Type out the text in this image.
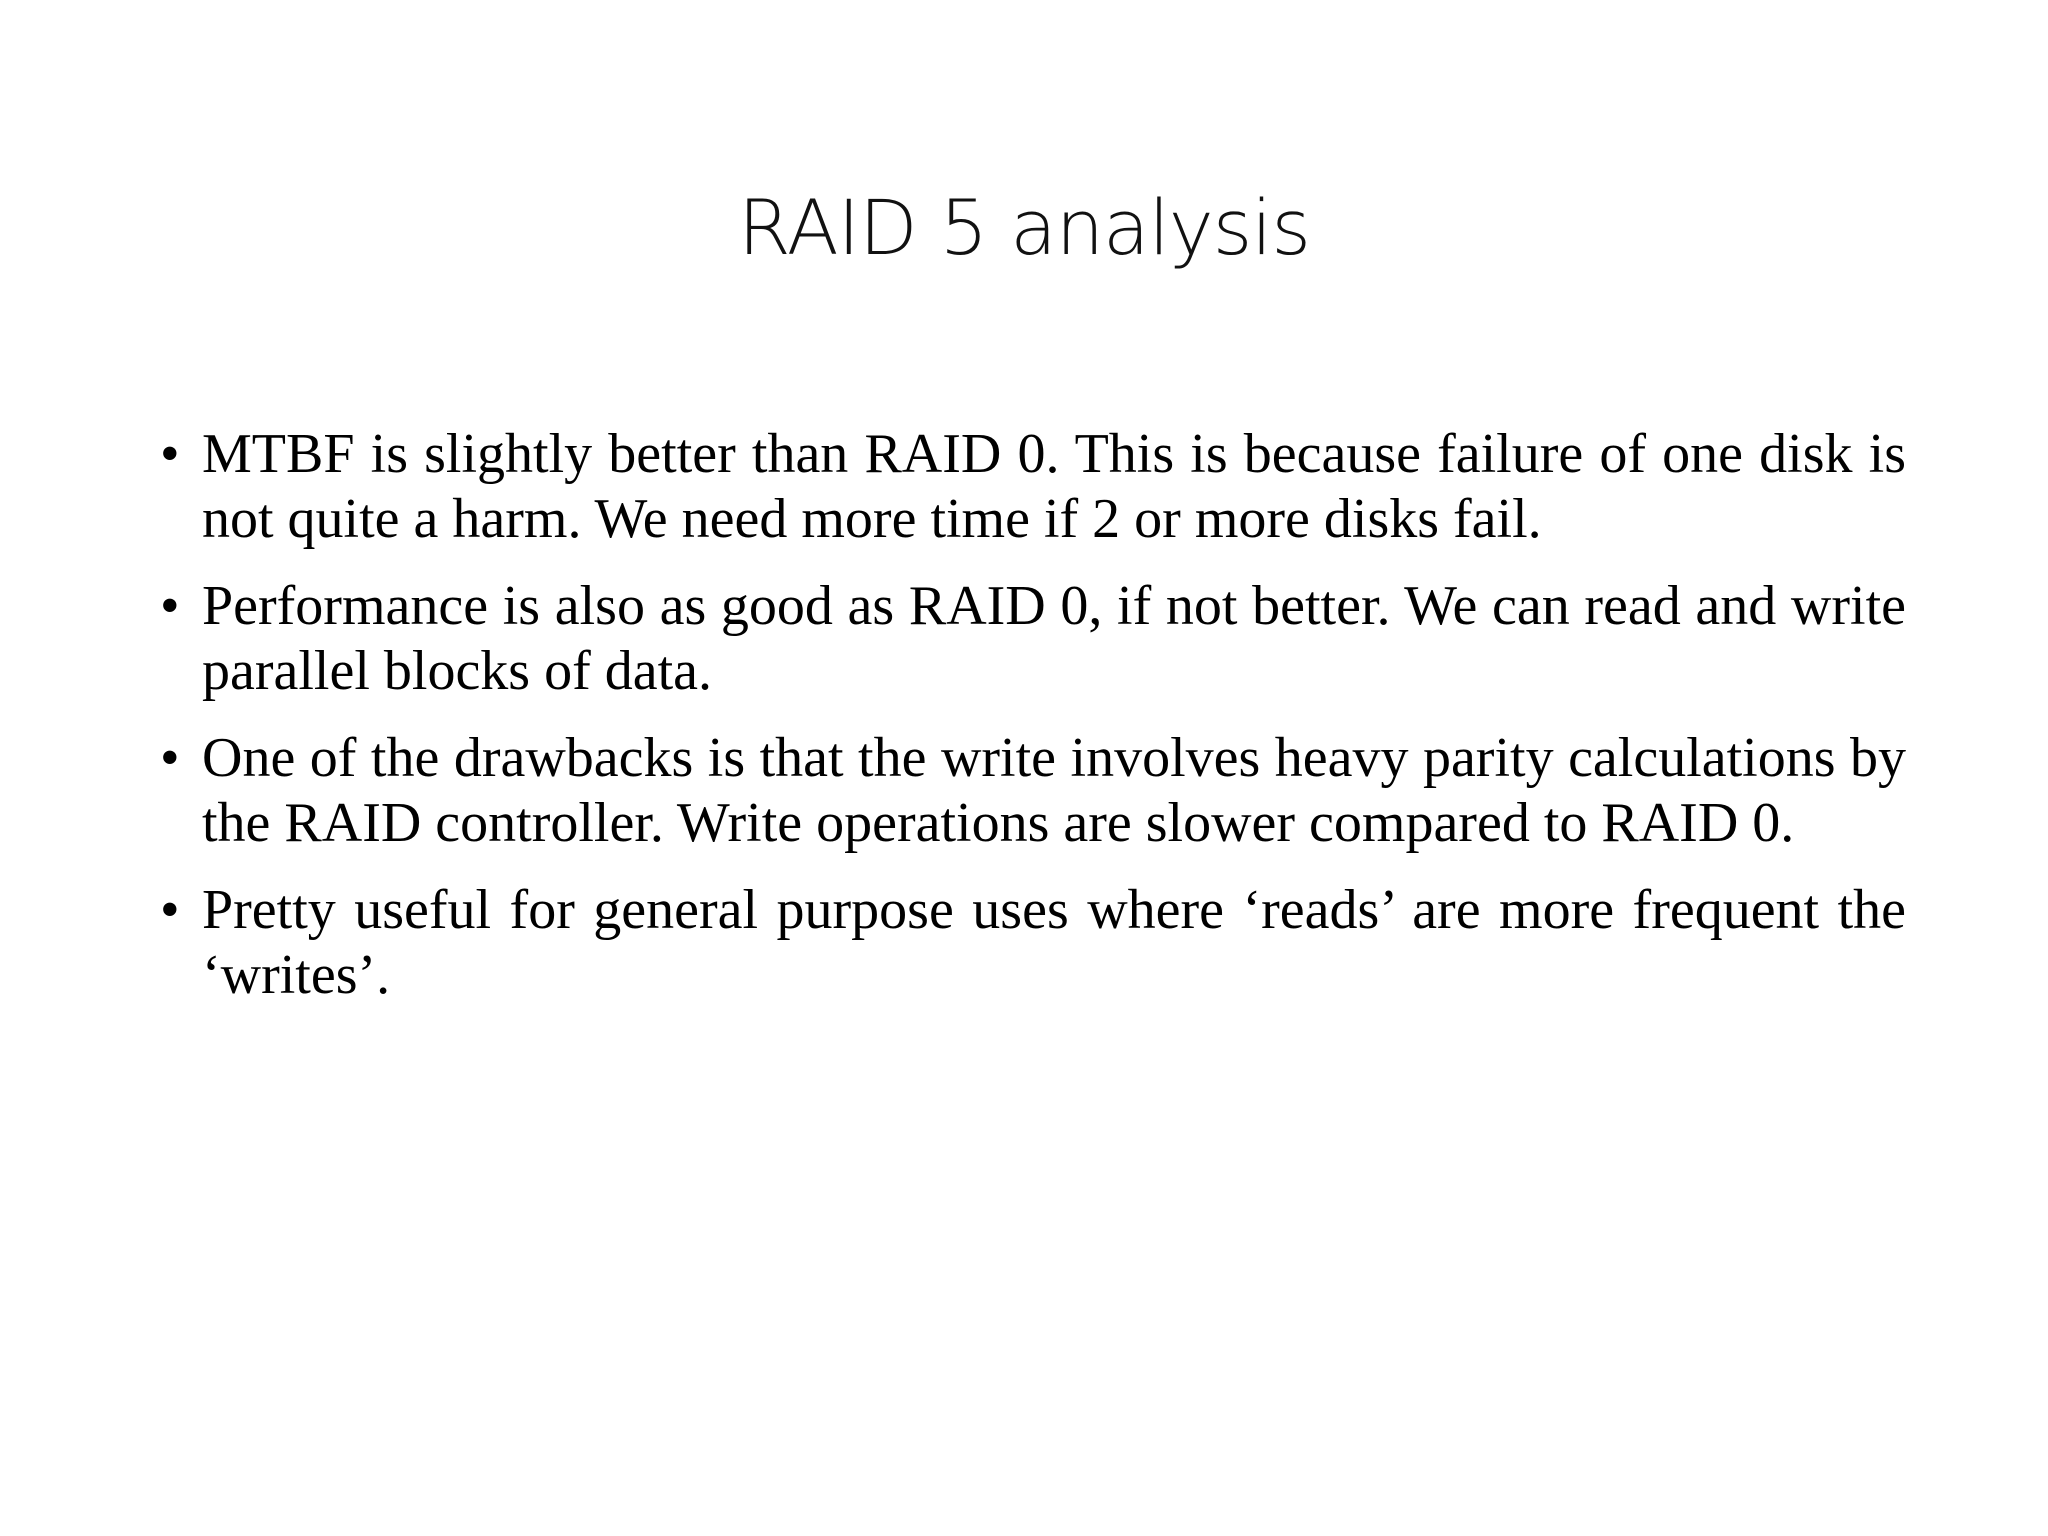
RAID 5 analysis
• MTBF is slightly better than RAID 0. This is because failure of one disk is not quite a harm. We need more time if 2 or more disks fail.
• Performance is also as good as RAID 0, if not better. We can read and write parallel blocks of data.
• One of the drawbacks is that the write involves heavy parity calculations by the RAID controller. Write operations are slower compared to RAID 0.
• Pretty useful for general purpose uses where ‘reads’ are more frequent the ‘writes’.
